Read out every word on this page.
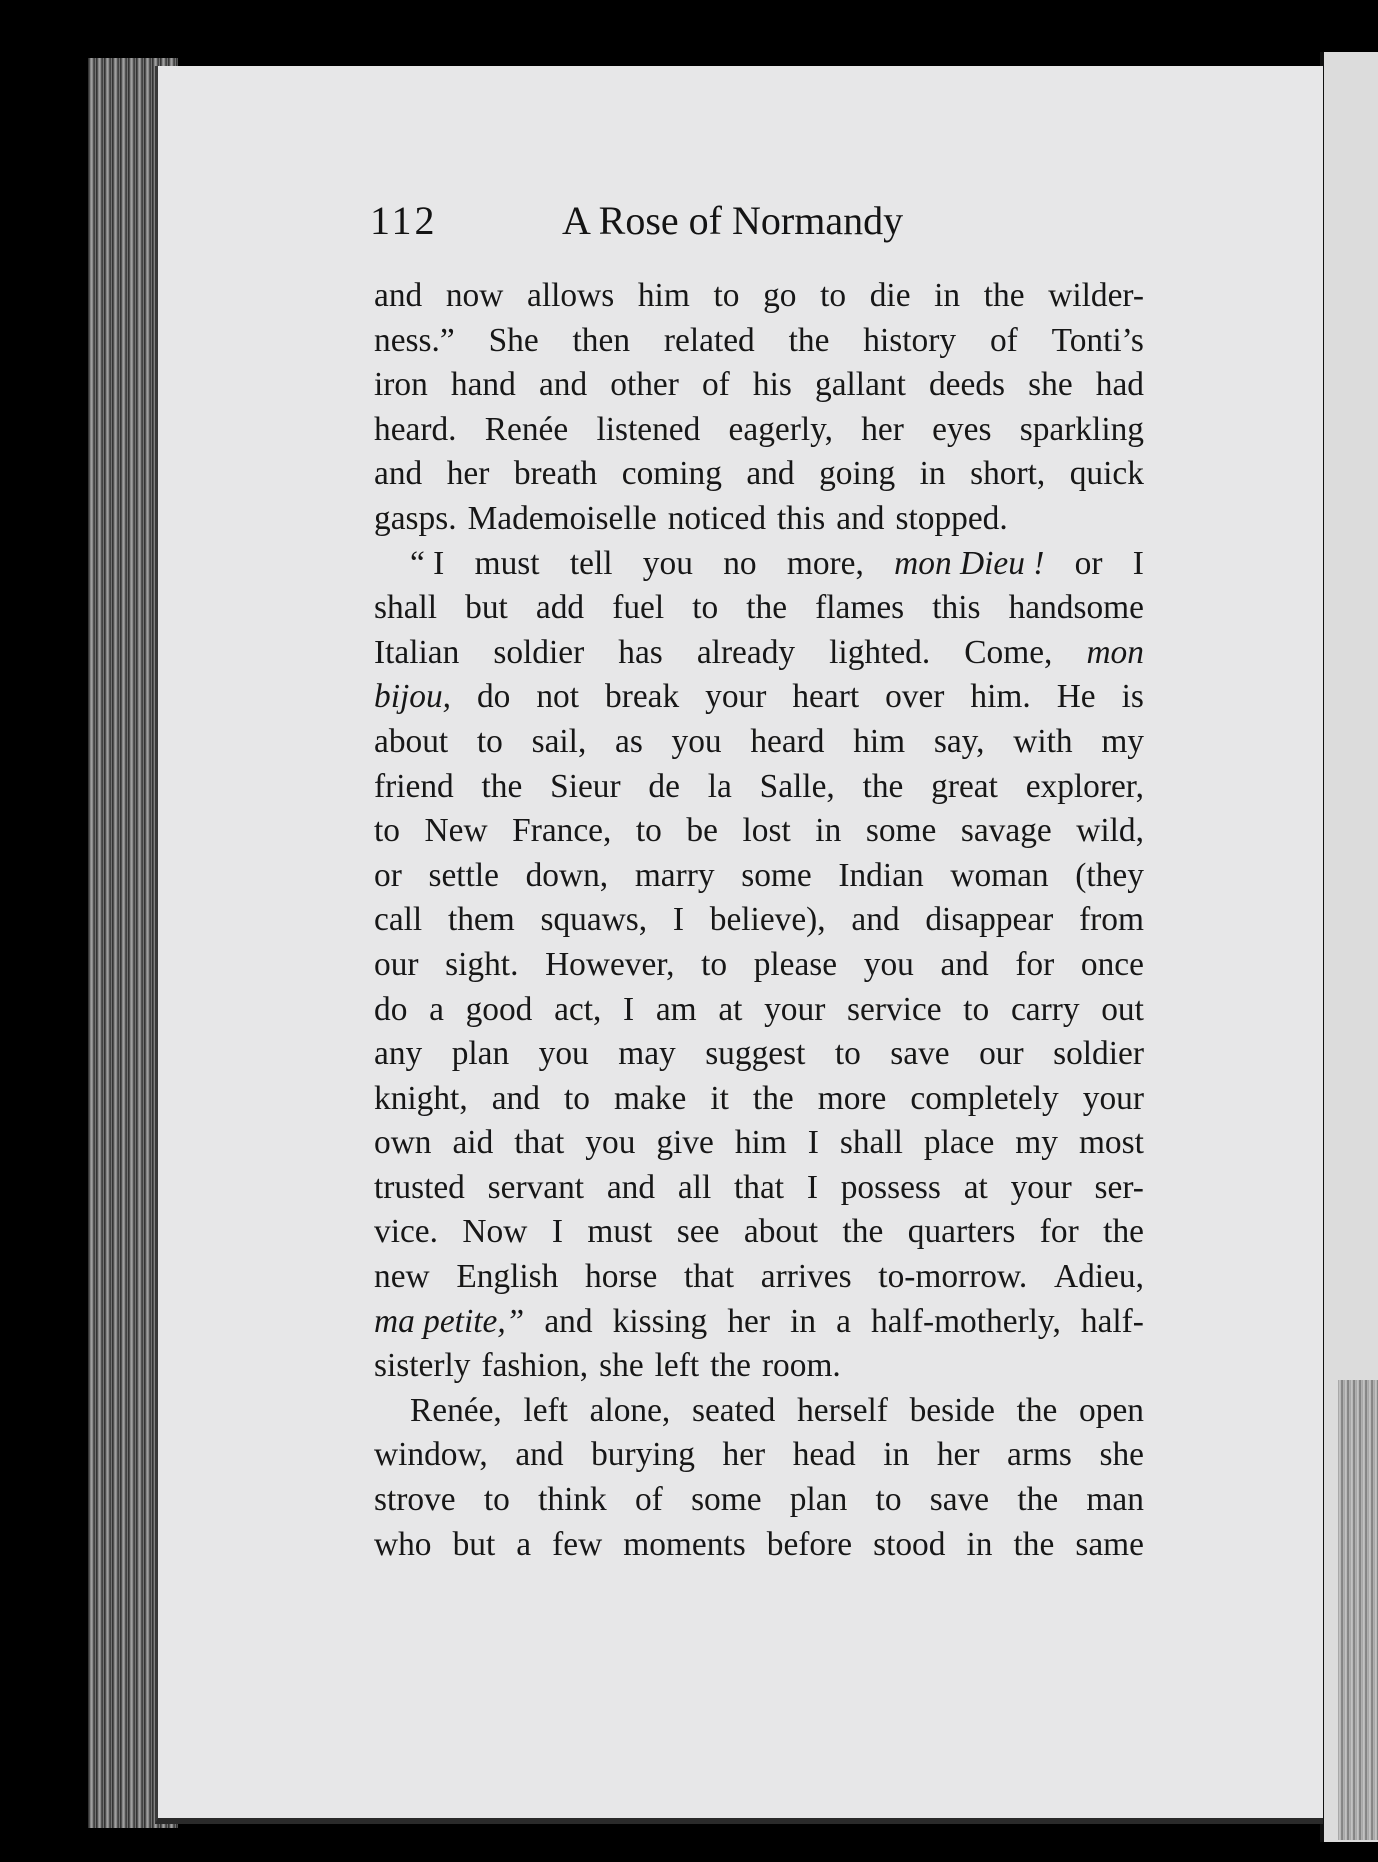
112	A Rose of Normandy
and now allows him to go to die in the wilder-
ness.” She then related the history of Tonti’s
iron hand and other of his gallant deeds she had
heard. Renée listened eagerly, her eyes sparkling
and her breath coming and going in short, quick
gasps. Mademoiselle noticed this and stopped.
“ I must tell you no more, mon Dieu ! or I
shall but add fuel to the flames this handsome
Italian soldier has already lighted. Come, mon
bijou, do not break your heart over him. He is
about to sail, as you heard him say, with my
friend the Sieur de la Salle, the great explorer,
to New France, to be lost in some savage wild,
or settle down, marry some Indian woman (they
call them squaws, I believe), and disappear from
our sight. However, to please you and for once
do a good act, I am at your service to carry out
any plan you may suggest to save our soldier
knight, and to make it the more completely your
own aid that you give him I shall place my most
trusted servant and all that I possess at your ser-
vice. Now I must see about the quarters for the
new English horse that arrives to-morrow. Adieu,
ma petite,” and kissing her in a half-motherly, half-
sisterly fashion, she left the room.
Renée, left alone, seated herself beside the open
window, and burying her head in her arms she
strove to think of some plan to save the man
who but a few moments before stood in the same
